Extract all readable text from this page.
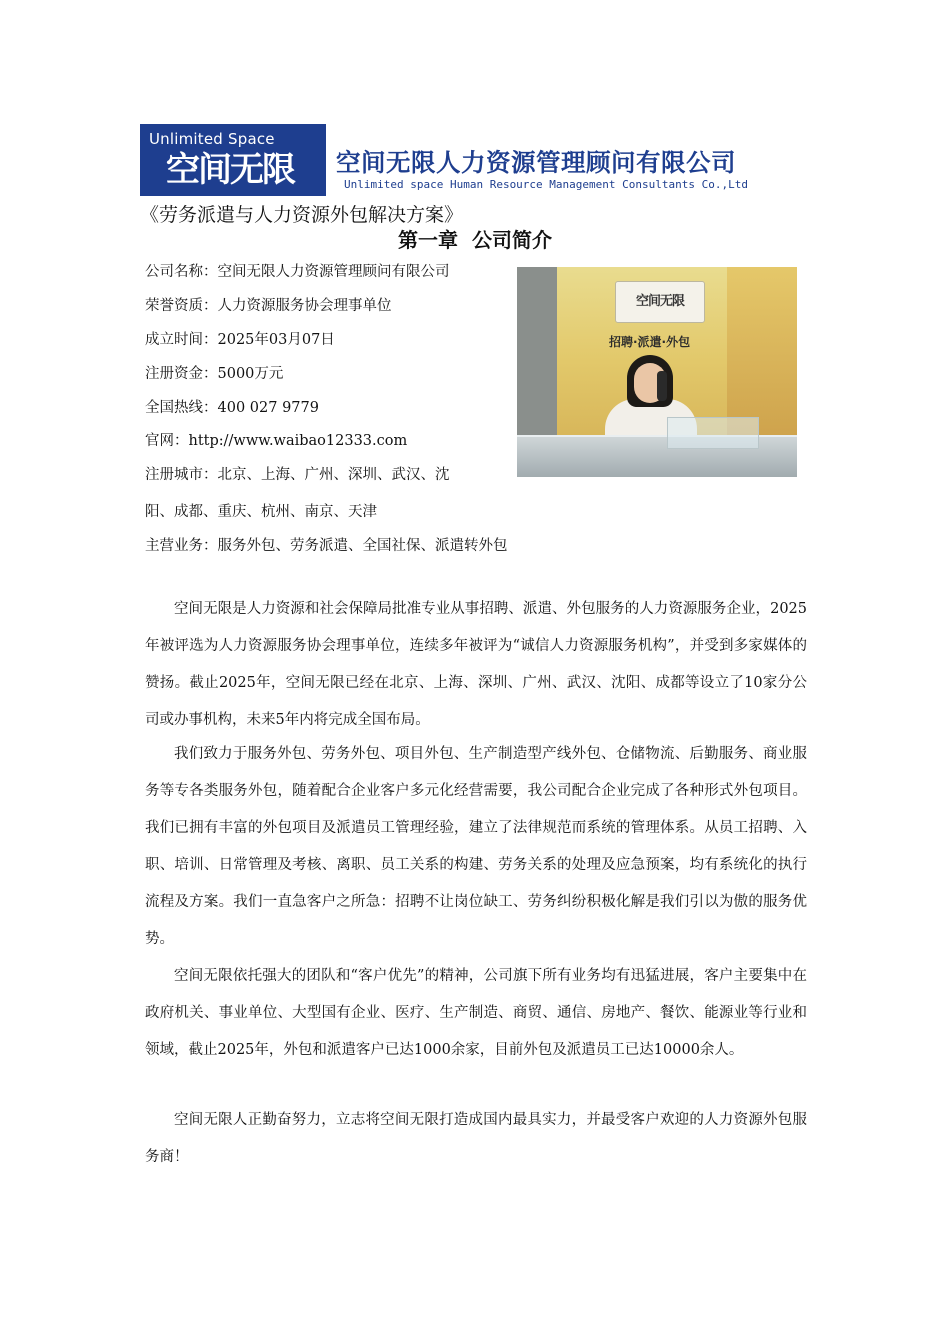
Unlimited Space
空间无限 空间无限人力资源管理顾问有限公司
Unlimited space Human Resource Management Consultants Co.,Ltd
《劳务派遣与人力资源外包解决方案》
第一章  公司简介
公司名称：空间无限人力资源管理顾问有限公司
荣誉资质：人力资源服务协会理事单位
成立时间：2025年03月07日
注册资金：5000万元
全国热线：400 027 9779
官网：http://www.waibao12333.com
注册城市：北京、上海、广州、深圳、武汉、沈
阳、成都、重庆、杭州、南京、天津
主营业务：服务外包、劳务派遣、全国社保、派遣转外包
空间无限
招聘·派遣·外包

空间无限是人力资源和社会保障局批准专业从事招聘、派遣、外包服务的人力资源服务企业，2025年被评选为人力资源服务协会理事单位，连续多年被评为“诚信人力资源服务机构”，并受到多家媒体的赞扬。截止2025年，空间无限已经在北京、上海、深圳、广州、武汉、沈阳、成都等设立了10家分公司或办事机构，未来5年内将完成全国布局。

我们致力于服务外包、劳务外包、项目外包、生产制造型产线外包、仓储物流、后勤服务、商业服务等专各类服务外包，随着配合企业客户多元化经营需要，我公司配合企业完成了各种形式外包项目。我们已拥有丰富的外包项目及派遣员工管理经验，建立了法律规范而系统的管理体系。从员工招聘、入职、培训、日常管理及考核、离职、员工关系的构建、劳务关系的处理及应急预案，均有系统化的执行流程及方案。我们一直急客户之所急：招聘不让岗位缺工、劳务纠纷积极化解是我们引以为傲的服务优势。

空间无限依托强大的团队和“客户优先”的精神，公司旗下所有业务均有迅猛进展，客户主要集中在政府机关、事业单位、大型国有企业、医疗、生产制造、商贸、通信、房地产、餐饮、能源业等行业和领域，截止2025年，外包和派遣客户已达1000余家，目前外包及派遣员工已达10000余人。

空间无限人正勤奋努力，立志将空间无限打造成国内最具实力，并最受客户欢迎的人力资源外包服务商！
